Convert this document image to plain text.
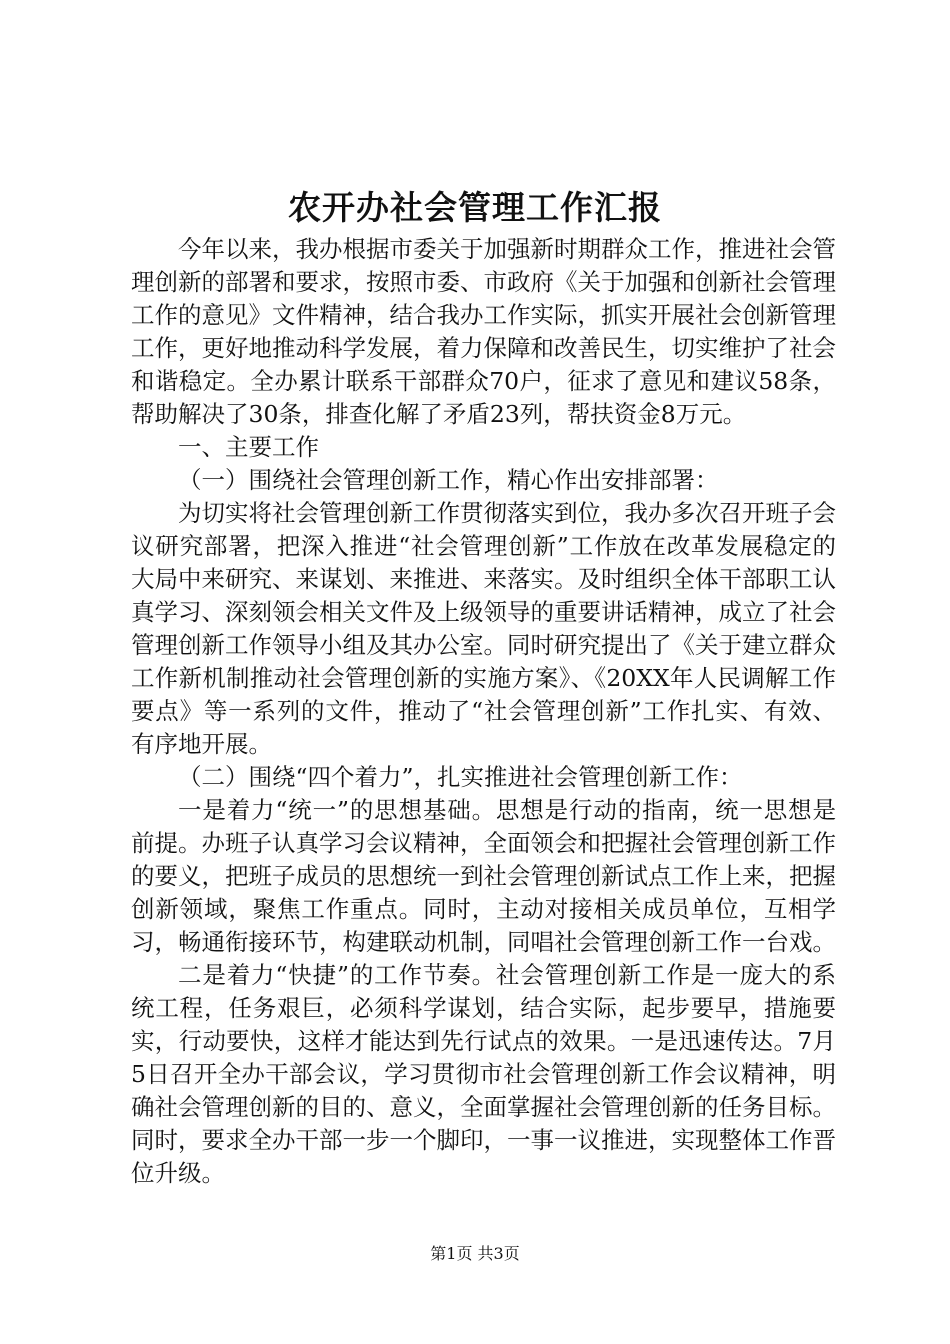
农开办社会管理工作汇报

今年以来，我办根据市委关于加强新时期群众工作，推进社会管理创新的部署和要求，按照市委、市政府《关于加强和创新社会管理工作的意见》文件精神，结合我办工作实际，抓实开展社会创新管理工作，更好地推动科学发展，着力保障和改善民生，切实维护了社会和谐稳定。全办累计联系干部群众70户，征求了意见和建议58条，帮助解决了30条，排查化解了矛盾23列，帮扶资金8万元。

一、主要工作

（一）围绕社会管理创新工作，精心作出安排部署：

为切实将社会管理创新工作贯彻落实到位，我办多次召开班子会议研究部署，把深入推进“社会管理创新”工作放在改革发展稳定的大局中来研究、来谋划、来推进、来落实。及时组织全体干部职工认真学习、深刻领会相关文件及上级领导的重要讲话精神，成立了社会管理创新工作领导小组及其办公室。同时研究提出了《关于建立群众工作新机制推动社会管理创新的实施方案》、《20XX年人民调解工作要点》等一系列的文件，推动了“社会管理创新”工作扎实、有效、有序地开展。

（二）围绕“四个着力”，扎实推进社会管理创新工作：

一是着力“统一”的思想基础。思想是行动的指南，统一思想是前提。办班子认真学习会议精神，全面领会和把握社会管理创新工作的要义，把班子成员的思想统一到社会管理创新试点工作上来，把握创新领域，聚焦工作重点。同时，主动对接相关成员单位，互相学习，畅通衔接环节，构建联动机制，同唱社会管理创新工作一台戏。

二是着力“快捷”的工作节奏。社会管理创新工作是一庞大的系统工程，任务艰巨，必须科学谋划，结合实际，起步要早，措施要实，行动要快，这样才能达到先行试点的效果。一是迅速传达。7月5日召开全办干部会议，学习贯彻市社会管理创新工作会议精神，明确社会管理创新的目的、意义，全面掌握社会管理创新的任务目标。同时，要求全办干部一步一个脚印，一事一议推进，实现整体工作晋位升级。

第1页 共3页
